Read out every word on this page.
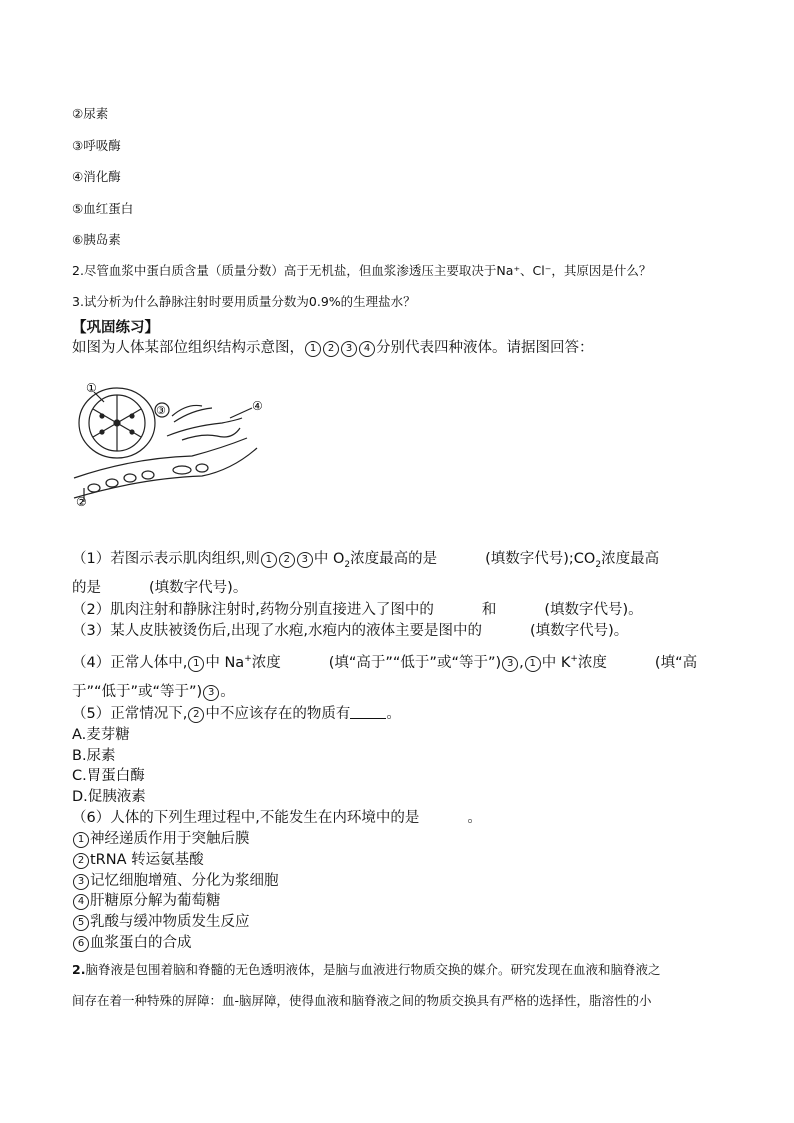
②尿素
③呼吸酶
④消化酶
⑤血红蛋白
⑥胰岛素
2.尽管血浆中蛋白质含量（质量分数）高于无机盐，但血浆渗透压主要取决于Na⁺、Cl⁻，其原因是什么？
3.试分析为什么静脉注射时要用质量分数为0.9%的生理盐水？
【巩固练习】
如图为人体某部位组织结构示意图， 1 2 3 4 分别代表四种液体。请据图回答：
①
②
③	④
（1）若图示表示肌肉组织,则 1 2 3 中 $O_2$浓度最高的是	(填数字代号)$;CO_2$浓度最高
的是	(填数字代号)。
（2）肌肉注射和静脉注射时,药物分别直接进入了图中的	和	(填数字代号)。
（3）某人皮肤被烫伤后,出现了水疱,水疱内的液体主要是图中的	(填数字代号)。
（4）正常人体中, 1 中 Na+浓度	(填“高于”“低于”或“等于”) 3 , 1 中 K+浓度	(填“高
于”“低于”或“等于”) 3 。
（5）正常情况下, 2 中不应该存在的物质有 。
A.麦芽糖
B.尿素
C.胃蛋白酶
D.促胰液素
（6）人体的下列生理过程中,不能发生在内环境中的是	。
1 神经递质作用于突触后膜
2 tRNA 转运氨基酸
3 记忆细胞增殖、分化为浆细胞
4 肝糖原分解为葡萄糖
5 乳酸与缓冲物质发生反应
6 血浆蛋白的合成
2.脑脊液是包围着脑和脊髓的无色透明液体，是脑与血液进行物质交换的媒介。研究发现在血液和脑脊液之
间存在着一种特殊的屏障：血-脑屏障，使得血液和脑脊液之间的物质交换具有严格的选择性，脂溶性的小
